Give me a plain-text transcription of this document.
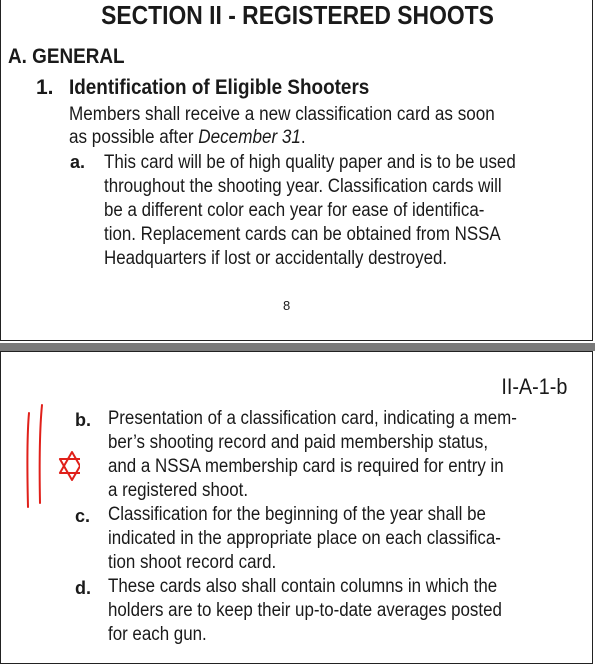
SECTION II - REGISTERED SHOOTS
A. GENERAL
1. Identification of Eligible Shooters
Members shall receive a new classification card as soon
as possible after December 31.
a. This card will be of high quality paper and is to be used
throughout the shooting year. Classification cards will
be a different color each year for ease of identifica-
tion. Replacement cards can be obtained from NSSA
Headquarters if lost or accidentally destroyed.
8
II-A-1-b
b. Presentation of a classification card, indicating a mem-
ber’s shooting record and paid membership status,
and a NSSA membership card is required for entry in
a registered shoot.
c. Classification for the beginning of the year shall be
indicated in the appropriate place on each classifica-
tion shoot record card.
d. These cards also shall contain columns in which the
holders are to keep their up-to-date averages posted
for each gun.
